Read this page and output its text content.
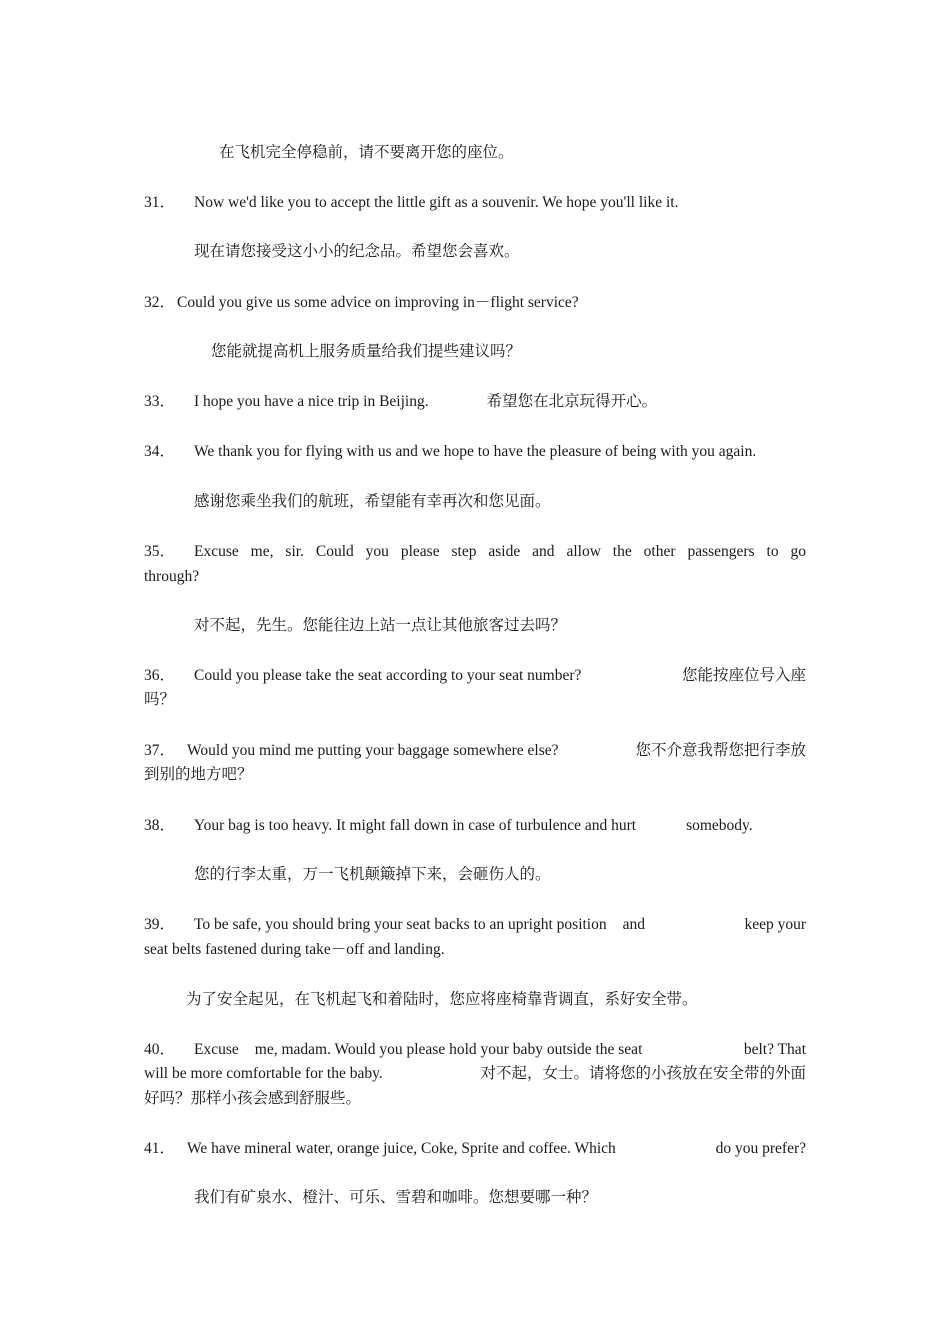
在飞机完全停稳前，请不要离开您的座位。
31． Now we'd like you to accept the little gift as a souvenir. We hope you'll like it.
现在请您接受这小小的纪念品。希望您会喜欢。
32． Could you give us some advice on improving in－flight service?
您能就提高机上服务质量给我们提些建议吗？
33． I hope you have a nice trip in Beijing.	希望您在北京玩得开心。
34． We thank you for flying with us and we hope to have the pleasure of being with you again.
感谢您乘坐我们的航班，希望能有幸再次和您见面。
35．	Excuse me, sir. Could you please step aside and allow the other passengers to go
through?
对不起，先生。您能往边上站一点让其他旅客过去吗？
36． Could you please take the seat according to your seat number?	您能按座位号入座
吗？
37． Would you mind me putting your baggage somewhere else?	您不介意我帮您把行李放
到别的地方吧？
38． Your bag is too heavy. It might fall down in case of turbulence and hurt	somebody.
您的行李太重，万一飞机颠簸掉下来，会砸伤人的。
39． To be safe, you should bring your seat backs to an upright position and	keep your
seat belts fastened during take－off and landing.
为了安全起见，在飞机起飞和着陆时，您应将座椅靠背调直，系好安全带。
40． Excuse me, madam. Would you please hold your baby outside the seat	belt? That
will be more comfortable for the baby.	对不起，女士。请将您的小孩放在安全带的外面
好吗？那样小孩会感到舒服些。
41． We have mineral water, orange juice, Coke, Sprite and coffee. Which	do you prefer?
我们有矿泉水、橙汁、可乐、雪碧和咖啡。您想要哪一种？
